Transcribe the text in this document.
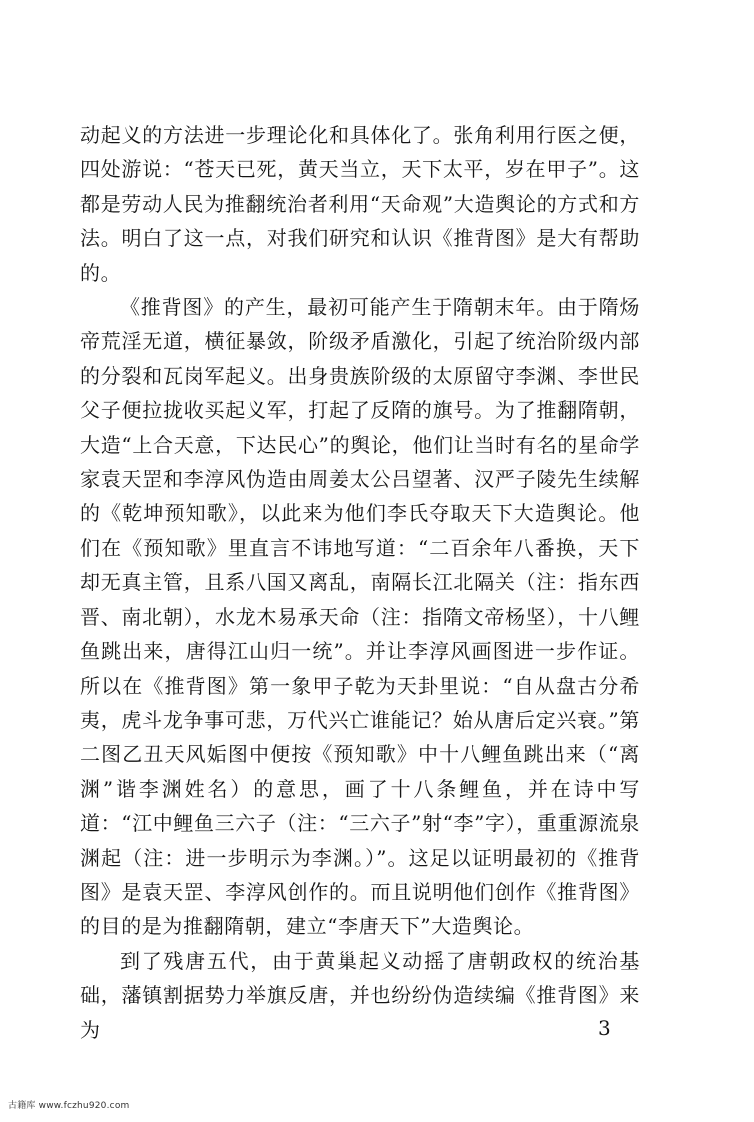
动起义的方法进一步理论化和具体化了。张角利用行医之便，四处游说：“苍天已死，黄天当立，天下太平，岁在甲子”。这都是劳动人民为推翻统治者利用“天命观”大造舆论的方式和方法。明白了这一点，对我们研究和认识《推背图》是大有帮助的。

《推背图》的产生，最初可能产生于隋朝末年。由于隋炀帝荒淫无道，横征暴敛，阶级矛盾激化，引起了统治阶级内部的分裂和瓦岗军起义。出身贵族阶级的太原留守李渊、李世民父子便拉拢收买起义军，打起了反隋的旗号。为了推翻隋朝，大造“上合天意，下达民心”的舆论，他们让当时有名的星命学家袁天罡和李淳风伪造由周姜太公吕望著、汉严子陵先生续解的《乾坤预知歌》，以此来为他们李氏夺取天下大造舆论。他们在《预知歌》里直言不讳地写道：“二百余年八番换，天下却无真主管，且系八国又离乱，南隔长江北隔关（注：指东西晋、南北朝），水龙木易承天命（注：指隋文帝杨坚），十八鲤鱼跳出来，唐得江山归一统”。并让李淳风画图进一步作证。所以在《推背图》第一象甲子乾为天卦里说：“自从盘古分希夷，虎斗龙争事可悲，万代兴亡谁能记？始从唐后定兴衰。”第二图乙丑天风姤图中便按《预知歌》中十八鲤鱼跳出来（“离渊”谐李渊姓名）的意思，画了十八条鲤鱼，并在诗中写道：“江中鲤鱼三六子（注：“三六子”射“李”字），重重源流泉渊起（注：进一步明示为李渊。）”。这足以证明最初的《推背图》是袁天罡、李淳风创作的。而且说明他们创作《推背图》的目的是为推翻隋朝，建立“李唐天下”大造舆论。

到了残唐五代，由于黄巢起义动摇了唐朝政权的统治基础，藩镇割据势力举旗反唐，并也纷纷伪造续编《推背图》来为	3
古籍库 www.fczhu920.com
